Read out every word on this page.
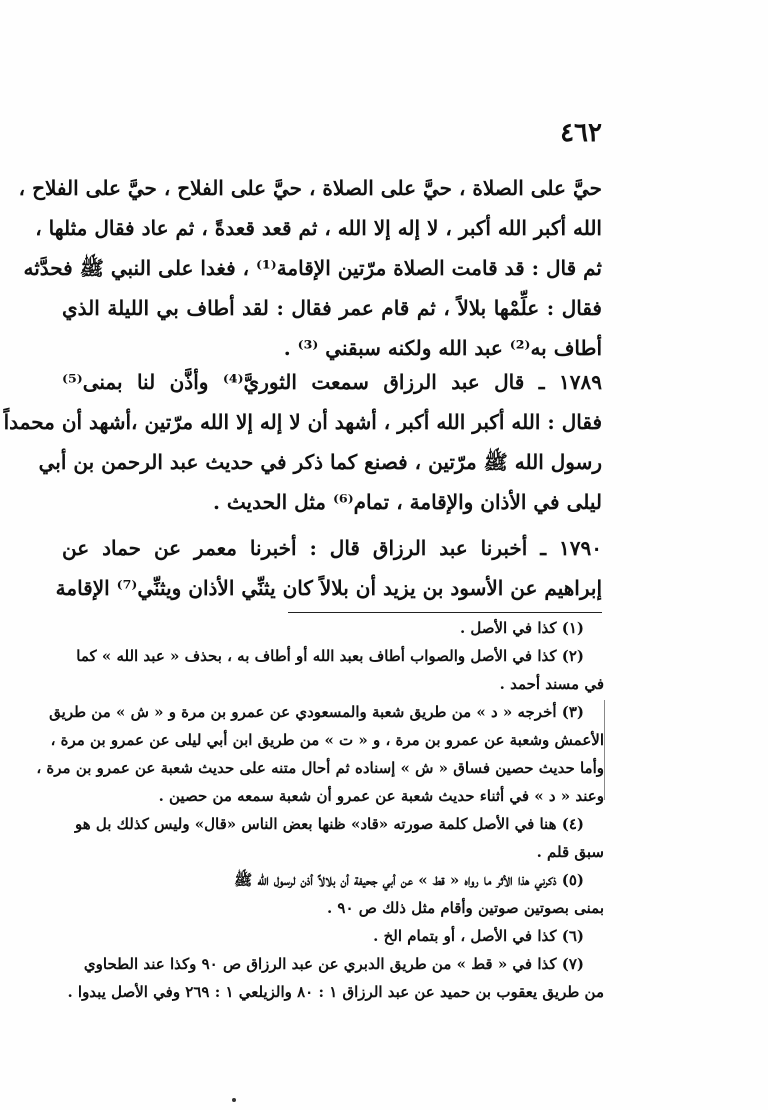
٤٦٢
حيَّ على الصلاة ، حيَّ على الصلاة ، حيَّ على الفلاح ، حيَّ على الفلاح ،
الله أكبر الله أكبر ، لا إله إلا الله ، ثم قعد قعدةً ، ثم عاد فقال مثلها ،
ثم قال : قد قامت الصلاة مرّتين الإقامة⁽¹⁾ ، فغدا على النبي ﷺ فحدَّثه
فقال : علِّمْها بلالاً ، ثم قام عمر فقال : لقد أطاف بي الليلة الذي
أطاف به⁽²⁾ عبد الله ولكنه سبقني ⁽³⁾ .
١٧٨٩ ـ قال عبد الرزاق سمعت الثوريَّ⁽⁴⁾ وأذَّن لنا بمنى⁽⁵⁾
فقال : الله أكبر الله أكبر ، أشهد أن لا إله إلا الله مرّتين ،أشهد أن محمداً
رسول الله ﷺ مرّتين ، فصنع كما ذكر في حديث عبد الرحمن بن أبي
ليلى في الأذان والإقامة ، تمام⁽⁶⁾ مثل الحديث .
١٧٩٠ ـ أخبرنا عبد الرزاق قال : أخبرنا معمر عن حماد عن
إبراهيم عن الأسود بن يزيد أن بلالاً كان يثنِّي الأذان ويثنِّي⁽⁷⁾ الإقامة
(١) كذا في الأصل .
(٢) كذا في الأصل والصواب أطاف بعبد الله أو أطاف به ، بحذف « عبد الله » كما
في مسند أحمد .
(٣) أخرجه « د » من طريق شعبة والمسعودي عن عمرو بن مرة و « ش » من طريق
الأعمش وشعبة عن عمرو بن مرة ، و « ت » من طريق ابن أبي ليلى عن عمرو بن مرة ،
وأما حديث حصين فساق « ش » إسناده ثم أحال متنه على حديث شعبة عن عمرو بن مرة ،
وعند « د » في أثناء حديث شعبة عن عمرو أن شعبة سمعه من حصين .
(٤) هنا في الأصل كلمة صورته «قاد» ظنها بعض الناس «قال» وليس كذلك بل هو
سبق قلم .
(٥) ذكرني هذا الأثر ما رواه « قط » عن أبي جحيفة أن بلالاً أذن لرسول الله ﷺ
بمنى بصوتين صوتين وأقام مثل ذلك ص ٩٠ .
(٦) كذا في الأصل ، أو بتمام الخ .
(٧) كذا في « قط » من طريق الدبري عن عبد الرزاق ص ٩٠ وكذا عند الطحاوي
من طريق يعقوب بن حميد عن عبد الرزاق ١ : ٨٠ والزيلعي ١ : ٢٦٩ وفي الأصل يبدوا .
